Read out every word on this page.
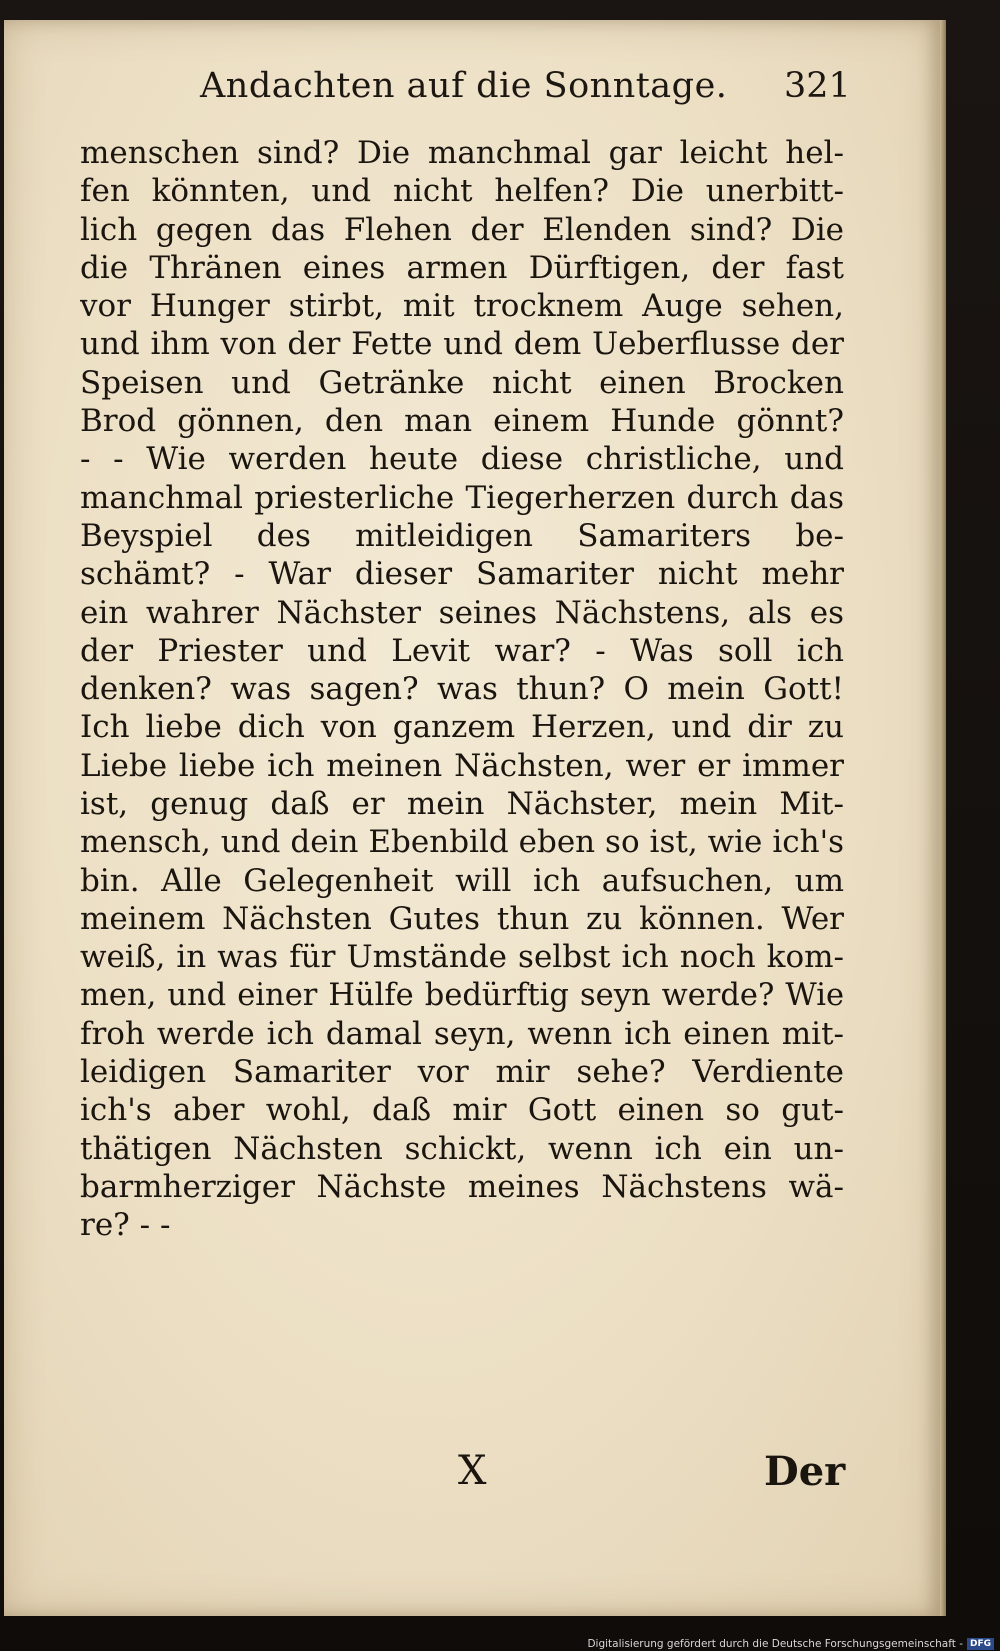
Andachten auf die Sonntage. 321
menschen sind? Die manchmal gar leicht hel-
fen könnten, und nicht helfen? Die unerbitt-
lich gegen das Flehen der Elenden sind? Die
die Thränen eines armen Dürftigen, der fast
vor Hunger stirbt, mit trocknem Auge sehen,
und ihm von der Fette und dem Ueberflusse der
Speisen und Getränke nicht einen Brocken
Brod gönnen, den man einem Hunde gönnt?
- - Wie werden heute diese christliche, und
manchmal priesterliche Tiegerherzen durch das
Beyspiel des mitleidigen Samariters be-
schämt? - War dieser Samariter nicht mehr
ein wahrer Nächster seines Nächstens, als es
der Priester und Levit war? - Was soll ich
denken? was sagen? was thun? O mein Gott!
Ich liebe dich von ganzem Herzen, und dir zu
Liebe liebe ich meinen Nächsten, wer er immer
ist, genug daß er mein Nächster, mein Mit-
mensch, und dein Ebenbild eben so ist, wie ich's
bin. Alle Gelegenheit will ich aufsuchen, um
meinem Nächsten Gutes thun zu können. Wer
weiß, in was für Umstände selbst ich noch kom-
men, und einer Hülfe bedürftig seyn werde? Wie
froh werde ich damal seyn, wenn ich einen mit-
leidigen Samariter vor mir sehe? Verdiente
ich's aber wohl, daß mir Gott einen so gut-
thätigen Nächsten schickt, wenn ich ein un-
barmherziger Nächste meines Nächstens wä-
re? - -
X	Der
Digitalisierung gefördert durch die Deutsche Forschungsgemeinschaft - DFG
